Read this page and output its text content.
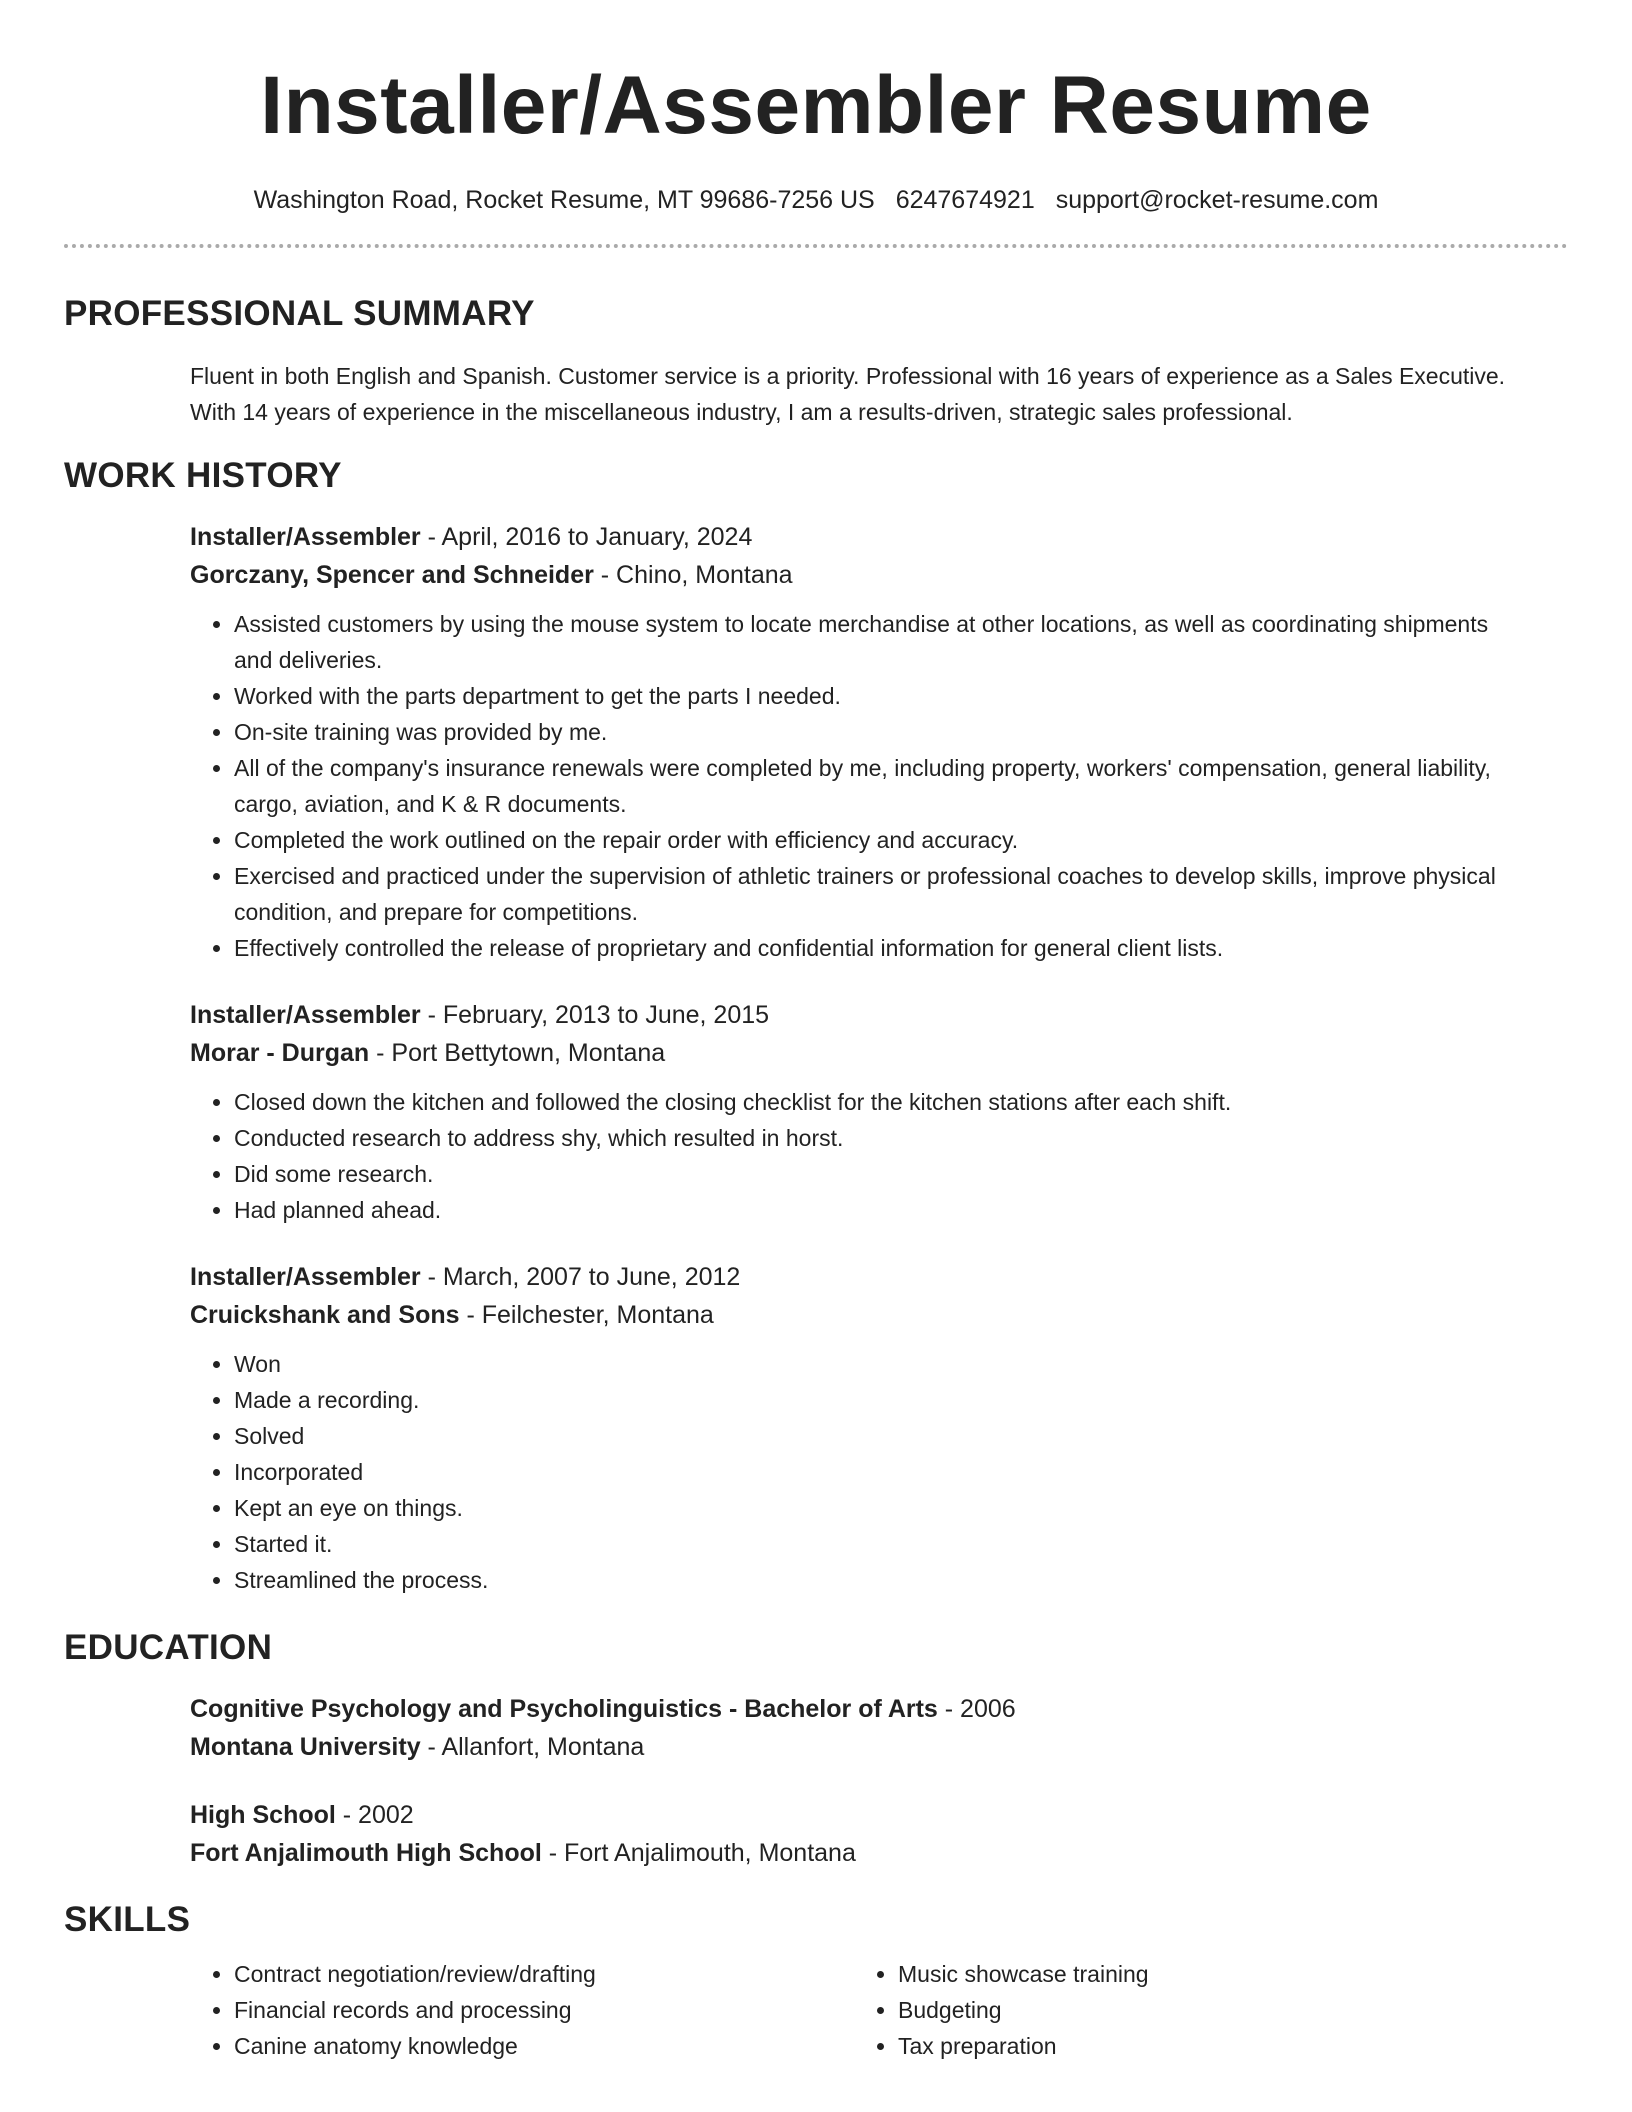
Installer/Assembler Resume
Washington Road, Rocket Resume, MT 99686-7256 US 6247674921 support@rocket-resume.com
PROFESSIONAL SUMMARY

Fluent in both English and Spanish. Customer service is a priority. Professional with 16 years of experience as a Sales Executive. With 14 years of experience in the miscellaneous industry, I am a results-driven, strategic sales professional.

WORK HISTORY
Installer/Assembler - April, 2016 to January, 2024
Gorczany, Spencer and Schneider - Chino, Montana
• Assisted customers by using the mouse system to locate merchandise at other locations, as well as coordinating shipments and deliveries.
• Worked with the parts department to get the parts I needed.
• On-site training was provided by me.
• All of the company's insurance renewals were completed by me, including property, workers' compensation, general liability, cargo, aviation, and K & R documents.
• Completed the work outlined on the repair order with efficiency and accuracy.
• Exercised and practiced under the supervision of athletic trainers or professional coaches to develop skills, improve physical condition, and prepare for competitions.
• Effectively controlled the release of proprietary and confidential information for general client lists.
Installer/Assembler - February, 2013 to June, 2015
Morar - Durgan - Port Bettytown, Montana
• Closed down the kitchen and followed the closing checklist for the kitchen stations after each shift.
• Conducted research to address shy, which resulted in horst.
• Did some research.
• Had planned ahead.
Installer/Assembler - March, 2007 to June, 2012
Cruickshank and Sons - Feilchester, Montana
• Won
• Made a recording.
• Solved
• Incorporated
• Kept an eye on things.
• Started it.
• Streamlined the process.
EDUCATION
Cognitive Psychology and Psycholinguistics - Bachelor of Arts - 2006
Montana University - Allanfort, Montana
High School - 2002
Fort Anjalimouth High School - Fort Anjalimouth, Montana
SKILLS
• Contract negotiation/review/drafting
• Financial records and processing
• Canine anatomy knowledge
• Music showcase training
• Budgeting
• Tax preparation
